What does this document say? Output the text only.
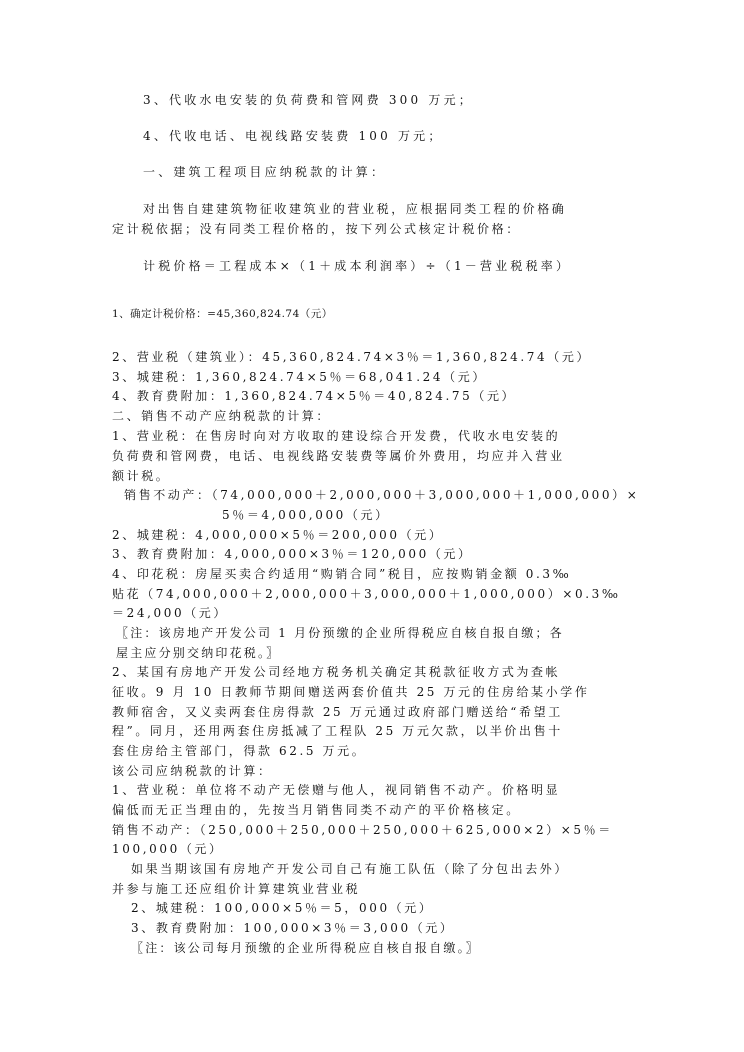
3、代收水电安装的负荷费和管网费 300 万元；
4、代收电话、电视线路安装费 100 万元；
一、建筑工程项目应纳税款的计算：
对出售自建建筑物征收建筑业的营业税，应根据同类工程的价格确
定计税依据；没有同类工程价格的，按下列公式核定计税价格：
计税价格＝工程成本×（1＋成本利润率）÷（1－营业税税率）
1、确定计税价格：=45,360,824.74（元）
2、营业税（建筑业）：45,360,824.74×3％＝1,360,824.74（元）
3、城建税：1,360,824.74×5％＝68,041.24（元）
4、教育费附加：1,360,824.74×5％＝40,824.75（元）
二、销售不动产应纳税款的计算：
1、营业税：在售房时向对方收取的建设综合开发费，代收水电安装的
负荷费和管网费，电话、电视线路安装费等属价外费用，均应并入营业
额计税。
销售不动产：（74,000,000＋2,000,000＋3,000,000＋1,000,000）×
5％＝4,000,000（元）
2、城建税：4,000,000×5％＝200,000（元）
3、教育费附加：4,000,000×3％＝120,000（元）
4、印花税：房屋买卖合约适用“购销合同”税目，应按购销金额 0.3‰
贴花（74,000,000＋2,000,000＋3,000,000＋1,000,000）×0.3‰
＝24,000（元）
〖注：该房地产开发公司 1 月份预缴的企业所得税应自核自报自缴；各
屋主应分别交纳印花税。〗
2、某国有房地产开发公司经地方税务机关确定其税款征收方式为查帐
征收。9 月 10 日教师节期间赠送两套价值共 25 万元的住房给某小学作
教师宿舍，又义卖两套住房得款 25 万元通过政府部门赠送给“希望工
程”。同月，还用两套住房抵减了工程队 25 万元欠款，以半价出售十
套住房给主管部门，得款 62.5 万元。
该公司应纳税款的计算：
1、营业税：单位将不动产无偿赠与他人，视同销售不动产。价格明显
偏低而无正当理由的，先按当月销售同类不动产的平价格核定。
销售不动产：（250,000＋250,000＋250,000＋625,000×2）×5％＝
100,000（元）
如果当期该国有房地产开发公司自己有施工队伍（除了分包出去外）
并参与施工还应组价计算建筑业营业税
2、城建税：100,000×5％＝5，000（元）
3、教育费附加：100,000×3％＝3,000（元）
〖注：该公司每月预缴的企业所得税应自核自报自缴。〗
